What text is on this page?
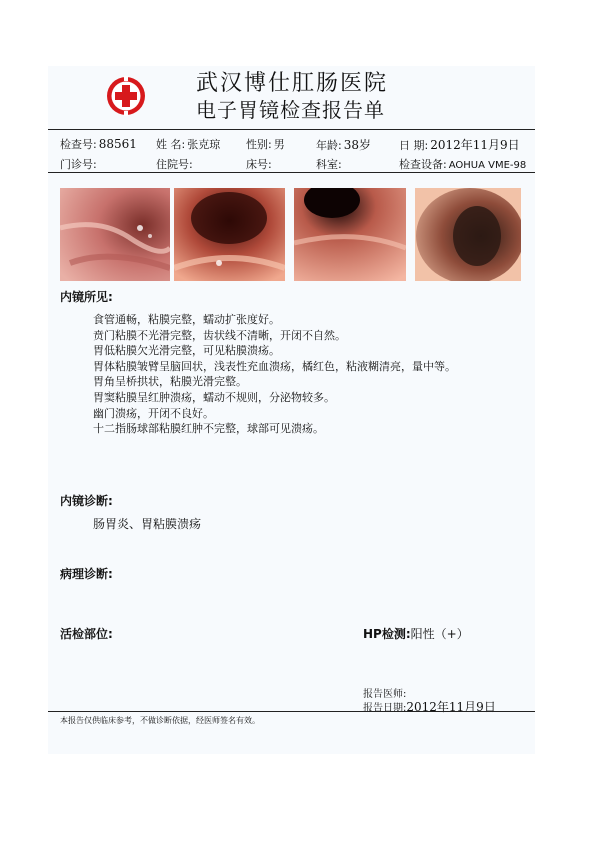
武汉博仕肛肠医院
电子胃镜检查报告单
检查号: 88561 姓 名: 张克琼 性别: 男	年龄: 38岁	日 期: 2012年11月9日
门诊号:	住院号:	床号:	科室:	检查设备: AOHUA VME-98
内镜所见:
食管通畅，粘膜完整，蠕动扩张度好。
贲门粘膜不光滑完整，齿状线不清晰，开闭不自然。
胃低粘膜欠光滑完整，可见粘膜溃疡。
胃体粘膜皱臂呈脑回状，浅表性充血溃疡，橘红色，粘液糊清亮，量中等。
胃角呈桥拱状，粘膜光滑完整。
胃窦粘膜呈红肿溃疡，蠕动不规则，分泌物较多。
幽门溃疡，开闭不良好。
十二指肠球部粘膜红肿不完整，球部可见溃疡。
内镜诊断:
肠胃炎、胃粘膜溃疡
病理诊断:
活检部位:	HP检测:阳性（+）
报告医师:
报告日期:2012年11月9日
本报告仅供临床参考，不做诊断依据，经医师签名有效。
